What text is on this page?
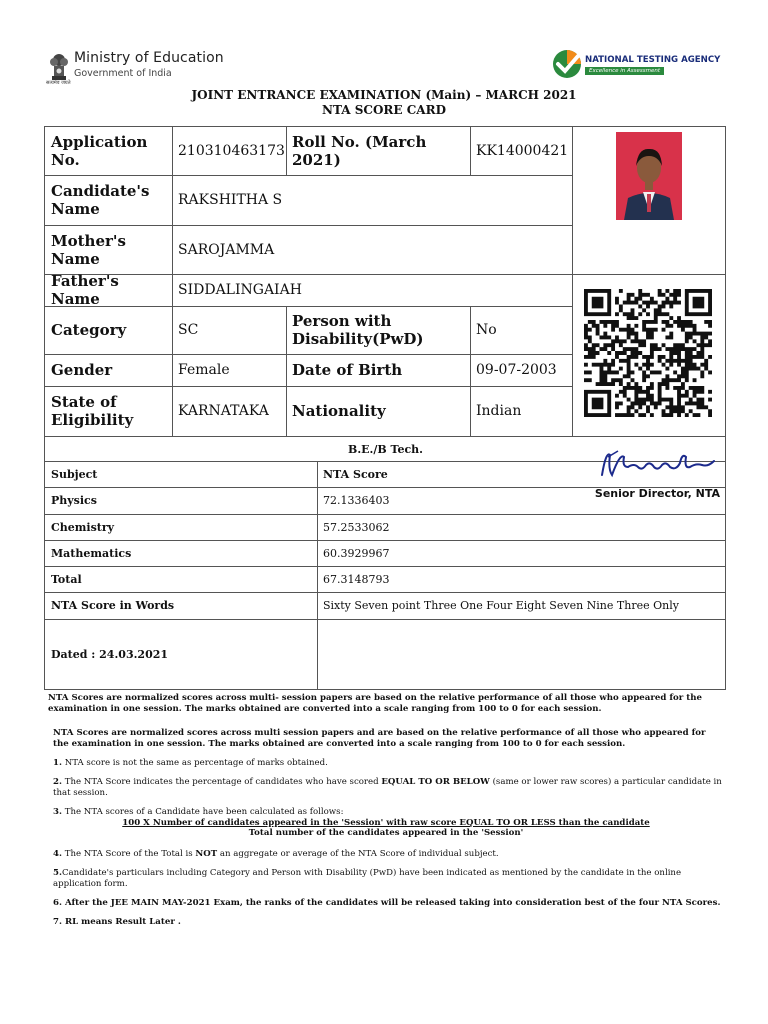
Ministry of Education
Government of India
सत्यमेव जयते
NATIONAL TESTING AGENCY
Excellence in Assessment
JOINT ENTRANCE EXAMINATION (Main) – MARCH 2021
NTA SCORE CARD
Application No.	210310463173 Roll No. (March 2021)	KK14000421
Candidate's Name	RAKSHITHA S
Mother's Name	SAROJAMMA
Father's Name	SIDDALINGAIAH
Category	SC	Person with Disability(PwD)	No
Gender	Female	Date of Birth	09-07-2003
State of Eligibility	KARNATAKA	Nationality	Indian
B.E./B Tech.
Subject	NTA Score
Physics	72.1336403
Chemistry	57.2533062
Mathematics	60.3929967
Total	67.3148793
NTA Score in Words	Sixty Seven point Three One Four Eight Seven Nine Three Only
Dated : 24.03.2021
Senior Director, NTA
NTA Scores are normalized scores across multi- session papers are based on the relative performance of all those who appeared for the examination in one session. The marks obtained are converted into a scale ranging from 100 to 0 for each session.
NTA Scores are normalized scores across multi session papers and are based on the relative performance of all those who appeared for the examination in one session. The marks obtained are converted into a scale ranging from 100 to 0 for each session.
1. NTA score is not the same as percentage of marks obtained.
2. The NTA Score indicates the percentage of candidates who have scored EQUAL TO OR BELOW (same or lower raw scores) a particular candidate in that session.
3. The NTA scores of a Candidate have been calculated as follows:
100 X Number of candidates appeared in the 'Session' with raw score EQUAL TO OR LESS than the candidate
Total number of the candidates appeared in the 'Session'
4. The NTA Score of the Total is NOT an aggregate or average of the NTA Score of individual subject.
5.Candidate's particulars including Category and Person with Disability (PwD) have been indicated as mentioned by the candidate in the online application form.
6. After the JEE MAIN MAY-2021 Exam, the ranks of the candidates will be released taking into consideration best of the four NTA Scores.
7. RL means Result Later .
